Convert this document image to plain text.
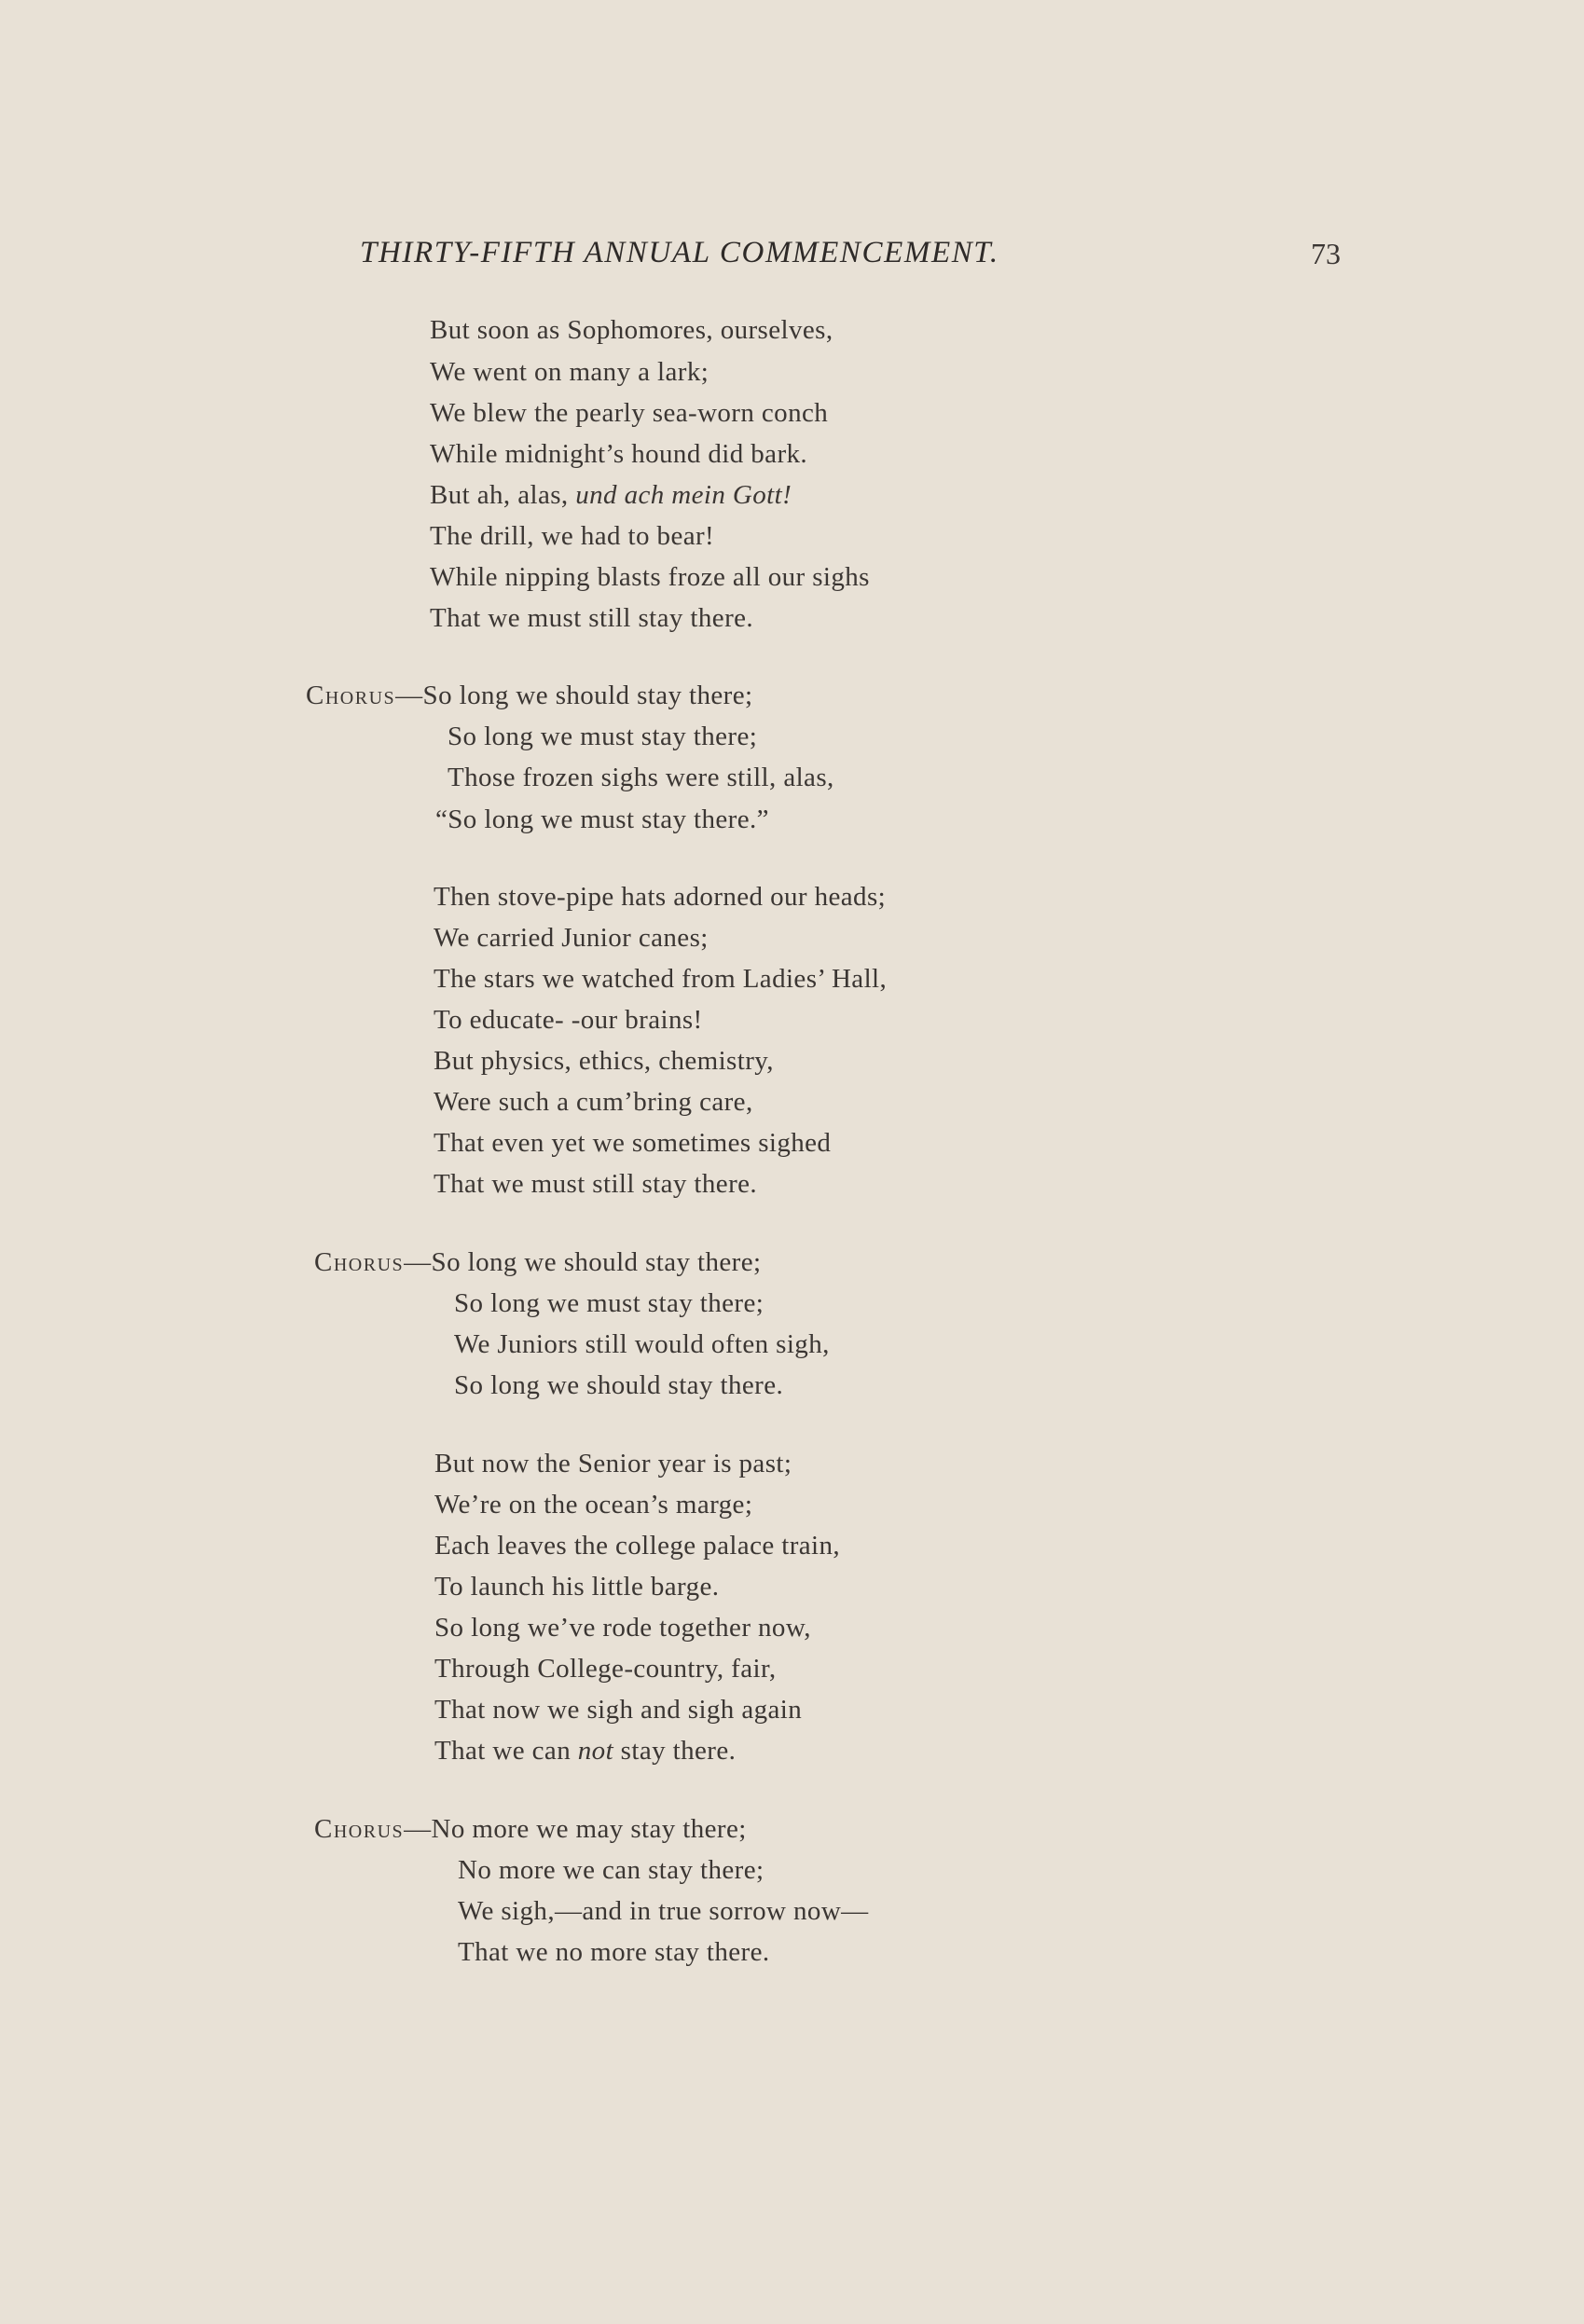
THIRTY-FIFTH ANNUAL COMMENCEMENT.	73
But soon as Sophomores, ourselves,
We went on many a lark;
We blew the pearly sea-worn conch
While midnight’s hound did bark.
But ah, alas, und ach mein Gott!
The drill, we had to bear!
While nipping blasts froze all our sighs
That we must still stay there.
Chorus—So long we should stay there;
So long we must stay there;
Those frozen sighs were still, alas,
“So long we must stay there.”
Then stove-pipe hats adorned our heads;
We carried Junior canes;
The stars we watched from Ladies’ Hall,
To educate- -our brains!
But physics, ethics, chemistry,
Were such a cum’bring care,
That even yet we sometimes sighed
That we must still stay there.
Chorus—So long we should stay there;
So long we must stay there;
We Juniors still would often sigh,
So long we should stay there.
But now the Senior year is past;
We’re on the ocean’s marge;
Each leaves the college palace train,
To launch his little barge.
So long we’ve rode together now,
Through College-country, fair,
That now we sigh and sigh again
That we can not stay there.
Chorus—No more we may stay there;
No more we can stay there;
We sigh,—and in true sorrow now—
That we no more stay there.
